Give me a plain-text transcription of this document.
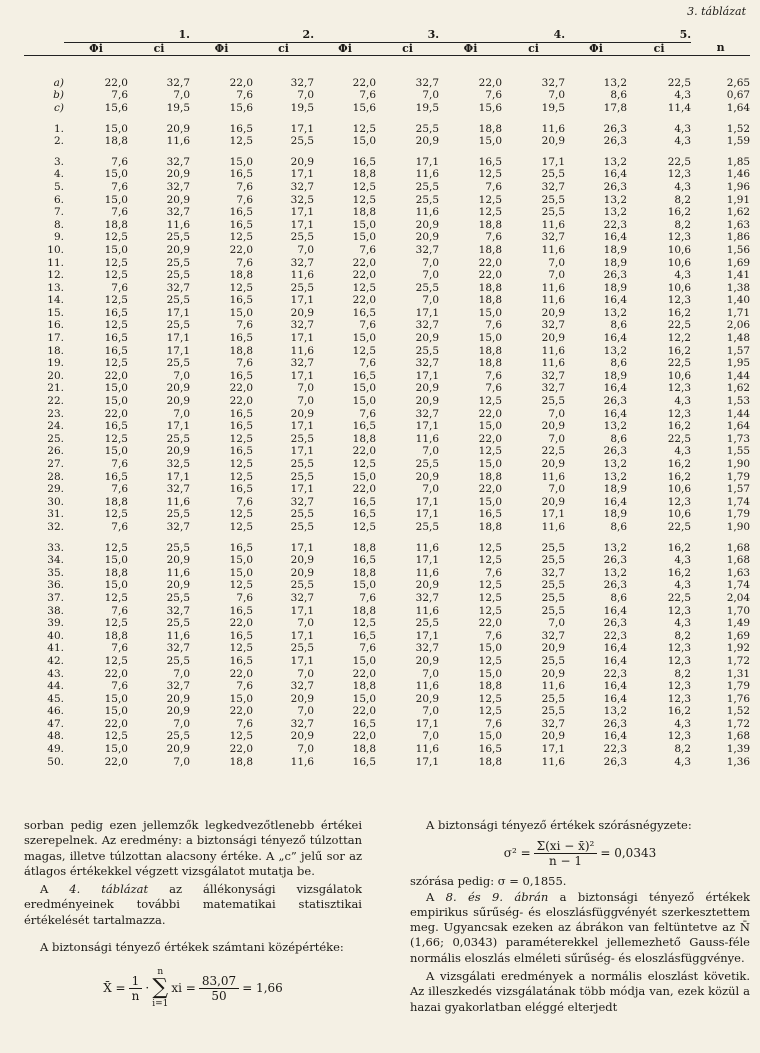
3. táblázat
	1.		2.		3.		4.		5.		
	Φi	ci	Φi	ci	Φi	ci	Φi	ci	Φi	ci	n

a)	22,0	32,7	22,0	32,7	22,0	32,7	22,0	32,7	13,2	22,5	2,65
b)	7,6	7,0	7,6	7,0	7,6	7,0	7,6	7,0	8,6	4,3	0,67
c)	15,6	19,5	15,6	19,5	15,6	19,5	15,6	19,5	17,8	11,4	1,64

1.	15,0	20,9	16,5	17,1	12,5	25,5	18,8	11,6	26,3	4,3	1,52
2.	18,8	11,6	12,5	25,5	15,0	20,9	15,0	20,9	26,3	4,3	1,59

3.	7,6	32,7	15,0	20,9	16,5	17,1	16,5	17,1	13,2	22,5	1,85
4.	15,0	20,9	16,5	17,1	18,8	11,6	12,5	25,5	16,4	12,3	1,46
5.	7,6	32,7	7,6	32,7	12,5	25,5	7,6	32,7	26,3	4,3	1,96
6.	15,0	20,9	7,6	32,5	12,5	25,5	12,5	25,5	13,2	8,2	1,91
7.	7,6	32,7	16,5	17,1	18,8	11,6	12,5	25,5	13,2	16,2	1,62
8.	18,8	11,6	16,5	17,1	15,0	20,9	18,8	11,6	22,3	8,2	1,63
9.	12,5	25,5	12,5	25,5	15,0	20,9	7,6	32,7	16,4	12,3	1,86
10.	15,0	20,9	22,0	7,0	7,6	32,7	18,8	11,6	18,9	10,6	1,56
11.	12,5	25,5	7,6	32,7	22,0	7,0	22,0	7,0	18,9	10,6	1,69
12.	12,5	25,5	18,8	11,6	22,0	7,0	22,0	7,0	26,3	4,3	1,41
13.	7,6	32,7	12,5	25,5	12,5	25,5	18,8	11,6	18,9	10,6	1,38
14.	12,5	25,5	16,5	17,1	22,0	7,0	18,8	11,6	16,4	12,3	1,40
15.	16,5	17,1	15,0	20,9	16,5	17,1	15,0	20,9	13,2	16,2	1,71
16.	12,5	25,5	7,6	32,7	7,6	32,7	7,6	32,7	8,6	22,5	2,06
17.	16,5	17,1	16,5	17,1	15,0	20,9	15,0	20,9	16,4	12,2	1,48
18.	16,5	17,1	18,8	11,6	12,5	25,5	18,8	11,6	13,2	16,2	1,57
19.	12,5	25,5	7,6	32,7	7,6	32,7	18,8	11,6	8,6	22,5	1,95
20.	22,0	7,0	16,5	17,1	16,5	17,1	7,6	32,7	18,9	10,6	1,44
21.	15,0	20,9	22,0	7,0	15,0	20,9	7,6	32,7	16,4	12,3	1,62
22.	15,0	20,9	22,0	7,0	15,0	20,9	12,5	25,5	26,3	4,3	1,53
23.	22,0	7,0	16,5	20,9	7,6	32,7	22,0	7,0	16,4	12,3	1,44
24.	16,5	17,1	16,5	17,1	16,5	17,1	15,0	20,9	13,2	16,2	1,64
25.	12,5	25,5	12,5	25,5	18,8	11,6	22,0	7,0	8,6	22,5	1,73
26.	15,0	20,9	16,5	17,1	22,0	7,0	12,5	22,5	26,3	4,3	1,55
27.	7,6	32,5	12,5	25,5	12,5	25,5	15,0	20,9	13,2	16,2	1,90
28.	16,5	17,1	12,5	25,5	15,0	20,9	18,8	11,6	13,2	16,2	1,79
29.	7,6	32,7	16,5	17,1	22,0	7,0	22,0	7,0	18,9	10,6	1,57
30.	18,8	11,6	7,6	32,7	16,5	17,1	15,0	20,9	16,4	12,3	1,74
31.	12,5	25,5	12,5	25,5	16,5	17,1	16,5	17,1	18,9	10,6	1,79
32.	7,6	32,7	12,5	25,5	12,5	25,5	18,8	11,6	8,6	22,5	1,90

33.	12,5	25,5	16,5	17,1	18,8	11,6	12,5	25,5	13,2	16,2	1,68
34.	15,0	20,9	15,0	20,9	16,5	17,1	12,5	25,5	26,3	4,3	1,68
35.	18,8	11,6	15,0	20,9	18,8	11,6	7,6	32,7	13,2	16,2	1,63
36.	15,0	20,9	12,5	25,5	15,0	20,9	12,5	25,5	26,3	4,3	1,74
37.	12,5	25,5	7,6	32,7	7,6	32,7	12,5	25,5	8,6	22,5	2,04
38.	7,6	32,7	16,5	17,1	18,8	11,6	12,5	25,5	16,4	12,3	1,70
39.	12,5	25,5	22,0	7,0	12,5	25,5	22,0	7,0	26,3	4,3	1,49
40.	18,8	11,6	16,5	17,1	16,5	17,1	7,6	32,7	22,3	8,2	1,69
41.	7,6	32,7	12,5	25,5	7,6	32,7	15,0	20,9	16,4	12,3	1,92
42.	12,5	25,5	16,5	17,1	15,0	20,9	12,5	25,5	16,4	12,3	1,72
43.	22,0	7,0	22,0	7,0	22,0	7,0	15,0	20,9	22,3	8,2	1,31
44.	7,6	32,7	7,6	32,7	18,8	11,6	18,8	11,6	16,4	12,3	1,79
45.	15,0	20,9	15,0	20,9	15,0	20,9	12,5	25,5	16,4	12,3	1,76
46.	15,0	20,9	22,0	7,0	22,0	7,0	12,5	25,5	13,2	16,2	1,52
47.	22,0	7,0	7,6	32,7	16,5	17,1	7,6	32,7	26,3	4,3	1,72
48.	12,5	25,5	12,5	20,9	22,0	7,0	15,0	20,9	16,4	12,3	1,68
49.	15,0	20,9	22,0	7,0	18,8	11,6	16,5	17,1	22,3	8,2	1,39
50.	22,0	7,0	18,8	11,6	16,5	17,1	18,8	11,6	26,3	4,3	1,36

sorban pedig ezen jellemzők legkedvezőtlenebb értékei szerepelnek. Az eredmény: a biztonsági tényező túlzottan magas, illetve túlzottan alacsony értéke. A „c” jelű sor az átlagos értékekkel végzett vizsgálatot mutatja be.

A 4. táblázat az állékonysági vizsgálatok eredményeinek további matematikai statisztikai értékelését tartalmazza.

A biztonsági tényező értékek számtani középértéke:

X̄ = $\frac{1}{n}$ ·
n
∑
i=1
xi = $\frac{83,07}{50} = 1,66$

A biztonsági tényező értékek szórásnégyzete:

$\sigma^2 = \frac{\text{Σ(xi − x̄)²}}{n - 1} = 0,0343$

szórása pedig: σ = 0,1855.

A 8. és 9. ábrán a biztonsági tényező értékek empirikus sűrűség- és eloszlásfüggvényét szerkesztettem meg. Ugyancsak ezeken az ábrákon van feltüntetve az N̄ (1,66; 0,0343) paraméterekkel jellemezhető Gauss-féle normális eloszlás elméleti sűrűség- és eloszlásfüggvénye.

A vizsgálati eredmények a normális eloszlást követik. Az illeszkedés vizsgálatának több módja van, ezek közül a hazai gyakorlatban eléggé elterjedt
